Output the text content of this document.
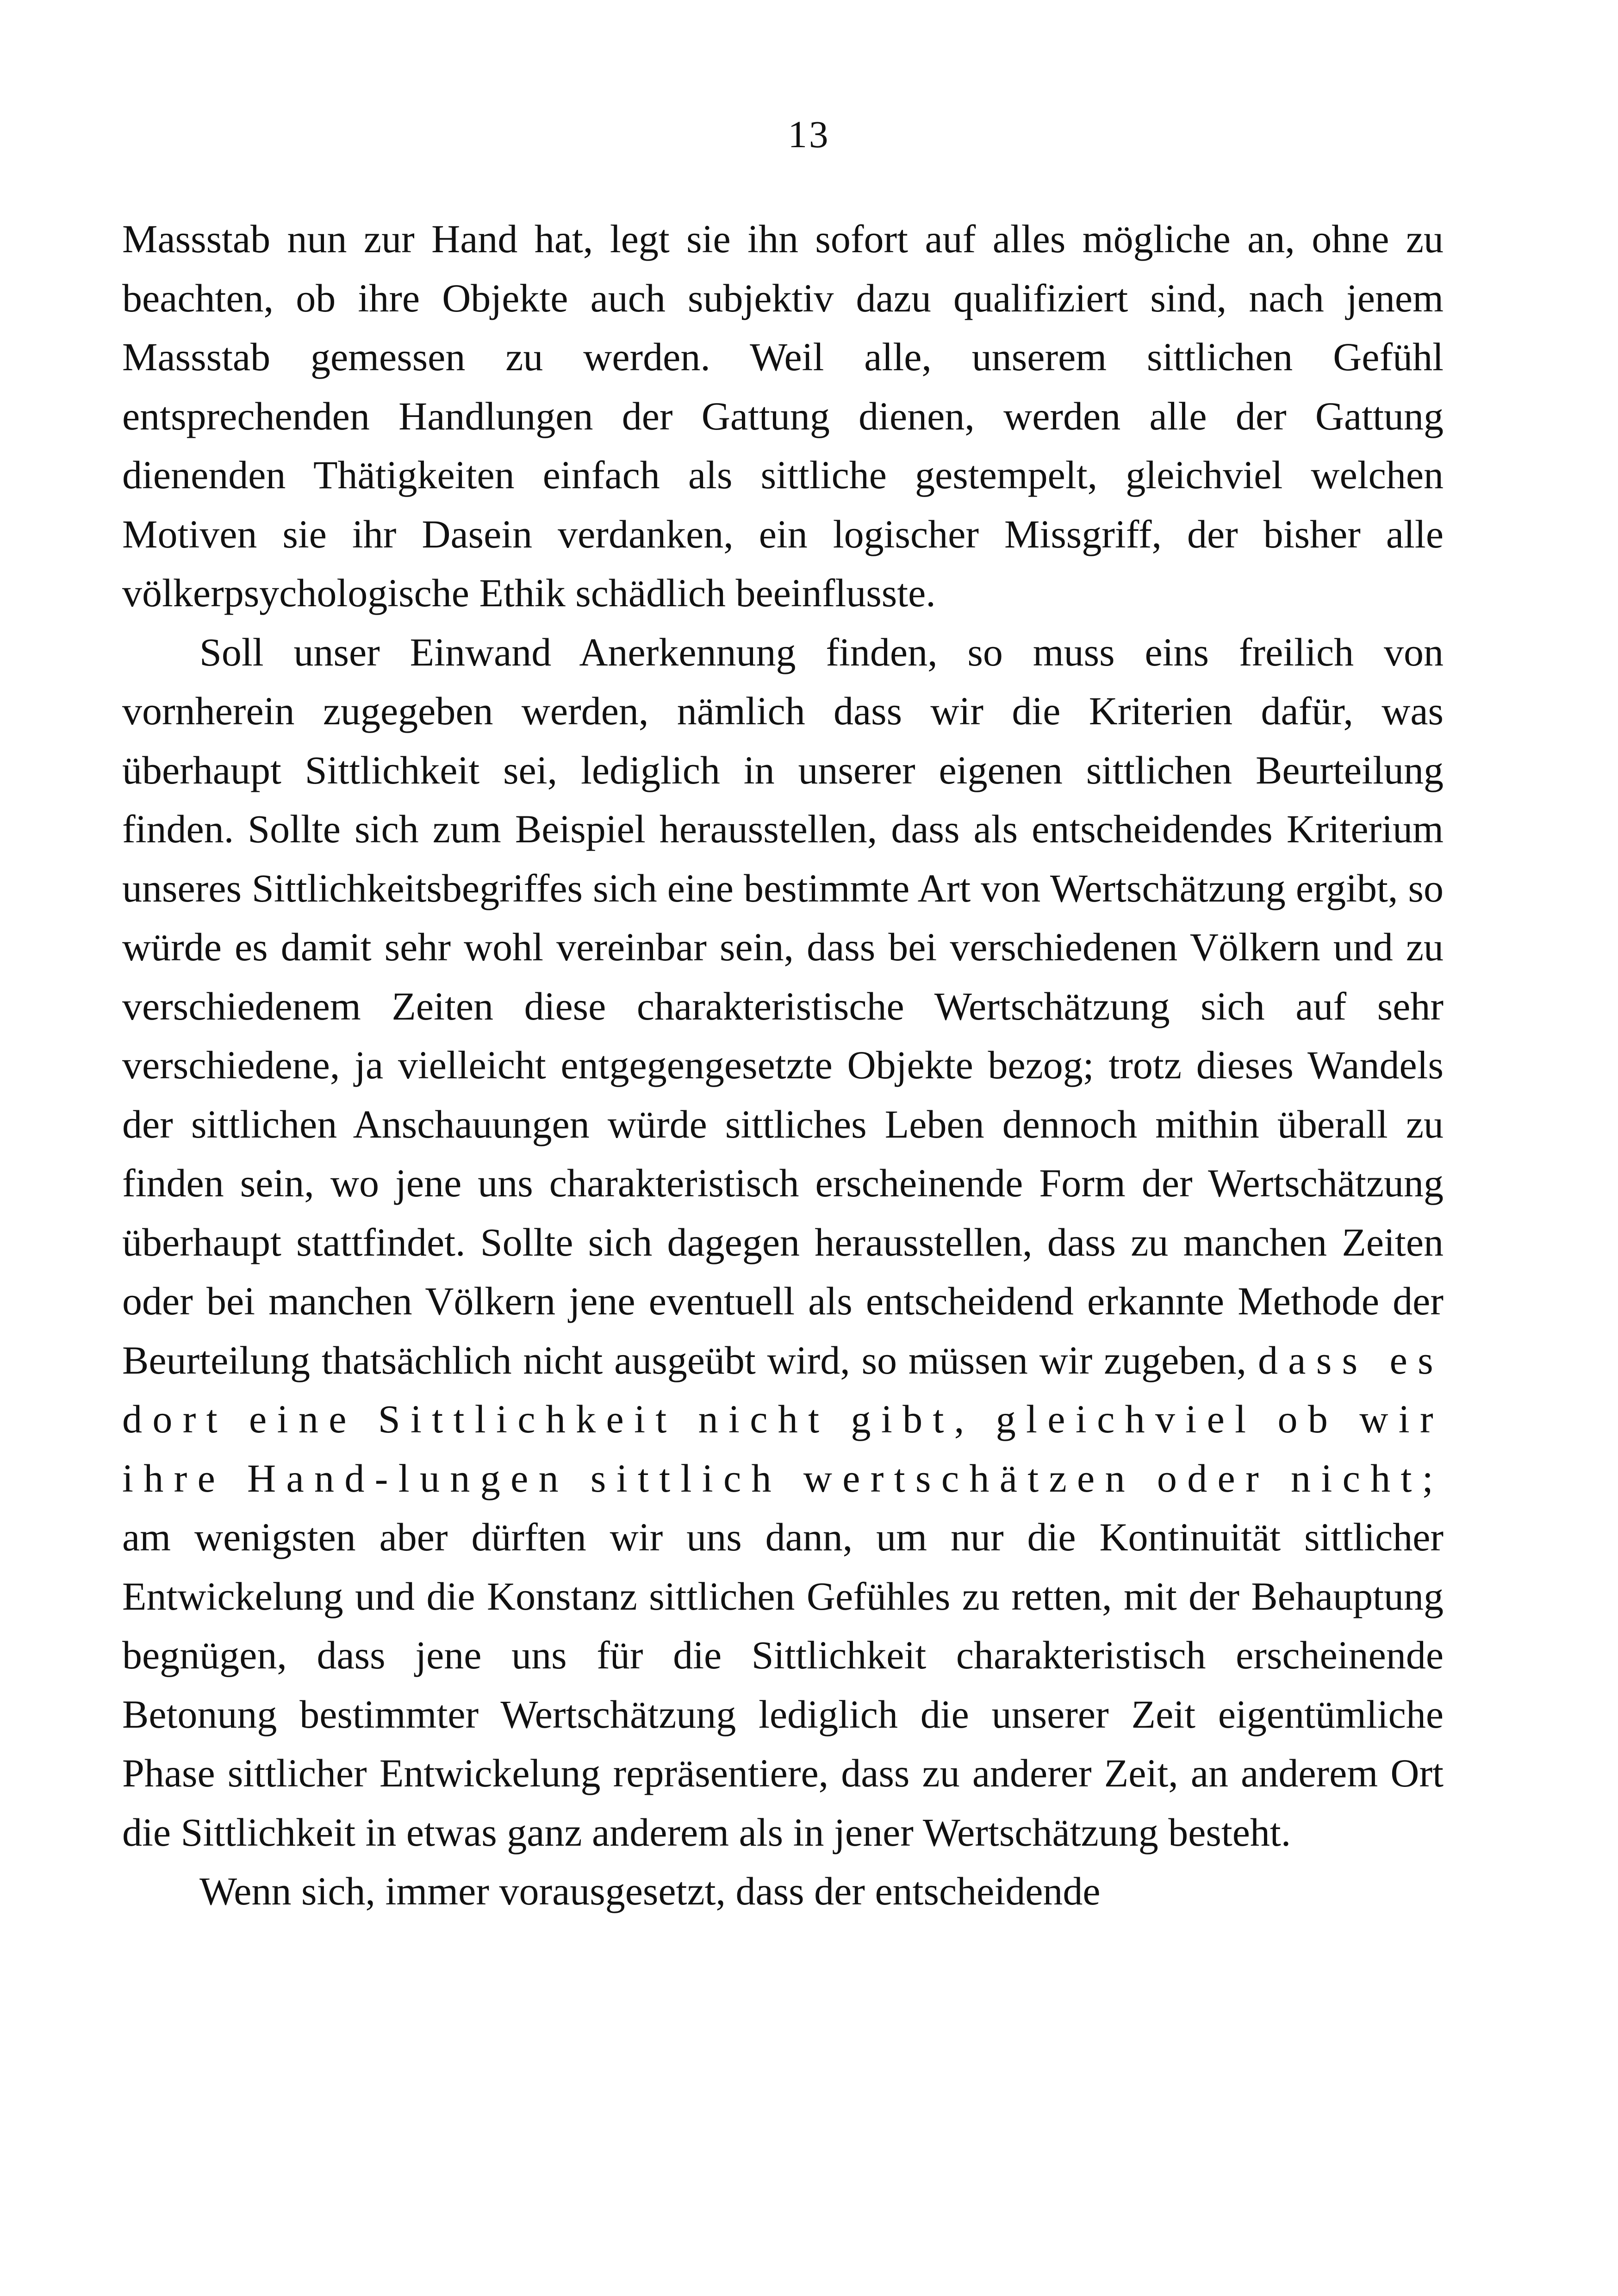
13

Massstab nun zur Hand hat, legt sie ihn sofort auf alles mögliche an, ohne zu beachten, ob ihre Objekte auch subjektiv dazu qualifiziert sind, nach jenem Massstab gemessen zu werden. Weil alle, unserem sittlichen Gefühl entsprechenden Handlungen der Gattung dienen, werden alle der Gattung dienenden Thätigkeiten einfach als sittliche gestempelt, gleichviel welchen Motiven sie ihr Dasein verdanken, ein logischer Missgriff, der bisher alle völkerpsychologische Ethik schädlich beeinflusste.

Soll unser Einwand Anerkennung finden, so muss eins freilich von vornherein zugegeben werden, nämlich dass wir die Kriterien dafür, was überhaupt Sittlichkeit sei, lediglich in unserer eigenen sittlichen Beurteilung finden. Sollte sich zum Beispiel herausstellen, dass als entscheidendes Kriterium unseres Sittlichkeitsbegriffes sich eine bestimmte Art von Wertschätzung ergibt, so würde es damit sehr wohl vereinbar sein, dass bei verschiedenen Völkern und zu verschiedenem Zeiten diese charakteristische Wertschätzung sich auf sehr verschiedene, ja vielleicht entgegengesetzte Objekte bezog; trotz dieses Wandels der sittlichen Anschauungen würde sittliches Leben dennoch mithin überall zu finden sein, wo jene uns charakteristisch erscheinende Form der Wertschätzung überhaupt stattfindet. Sollte sich dagegen herausstellen, dass zu manchen Zeiten oder bei manchen Völkern jene eventuell als entscheidend erkannte Methode der Beurteilung thatsächlich nicht ausgeübt wird, so müssen wir zugeben, dass es dort eine Sittlichkeit nicht gibt, gleichviel ob wir ihre Hand-lungen sittlich wertschätzen oder nicht; am wenigsten aber dürften wir uns dann, um nur die Kontinuität sittlicher Entwickelung und die Konstanz sittlichen Gefühles zu retten, mit der Behauptung begnügen, dass jene uns für die Sittlichkeit charakteristisch erscheinende Betonung bestimmter Wertschätzung lediglich die unserer Zeit eigentümliche Phase sittlicher Entwickelung repräsentiere, dass zu anderer Zeit, an anderem Ort die Sittlichkeit in etwas ganz anderem als in jener Wertschätzung besteht.

Wenn sich, immer vorausgesetzt, dass der entscheidende
